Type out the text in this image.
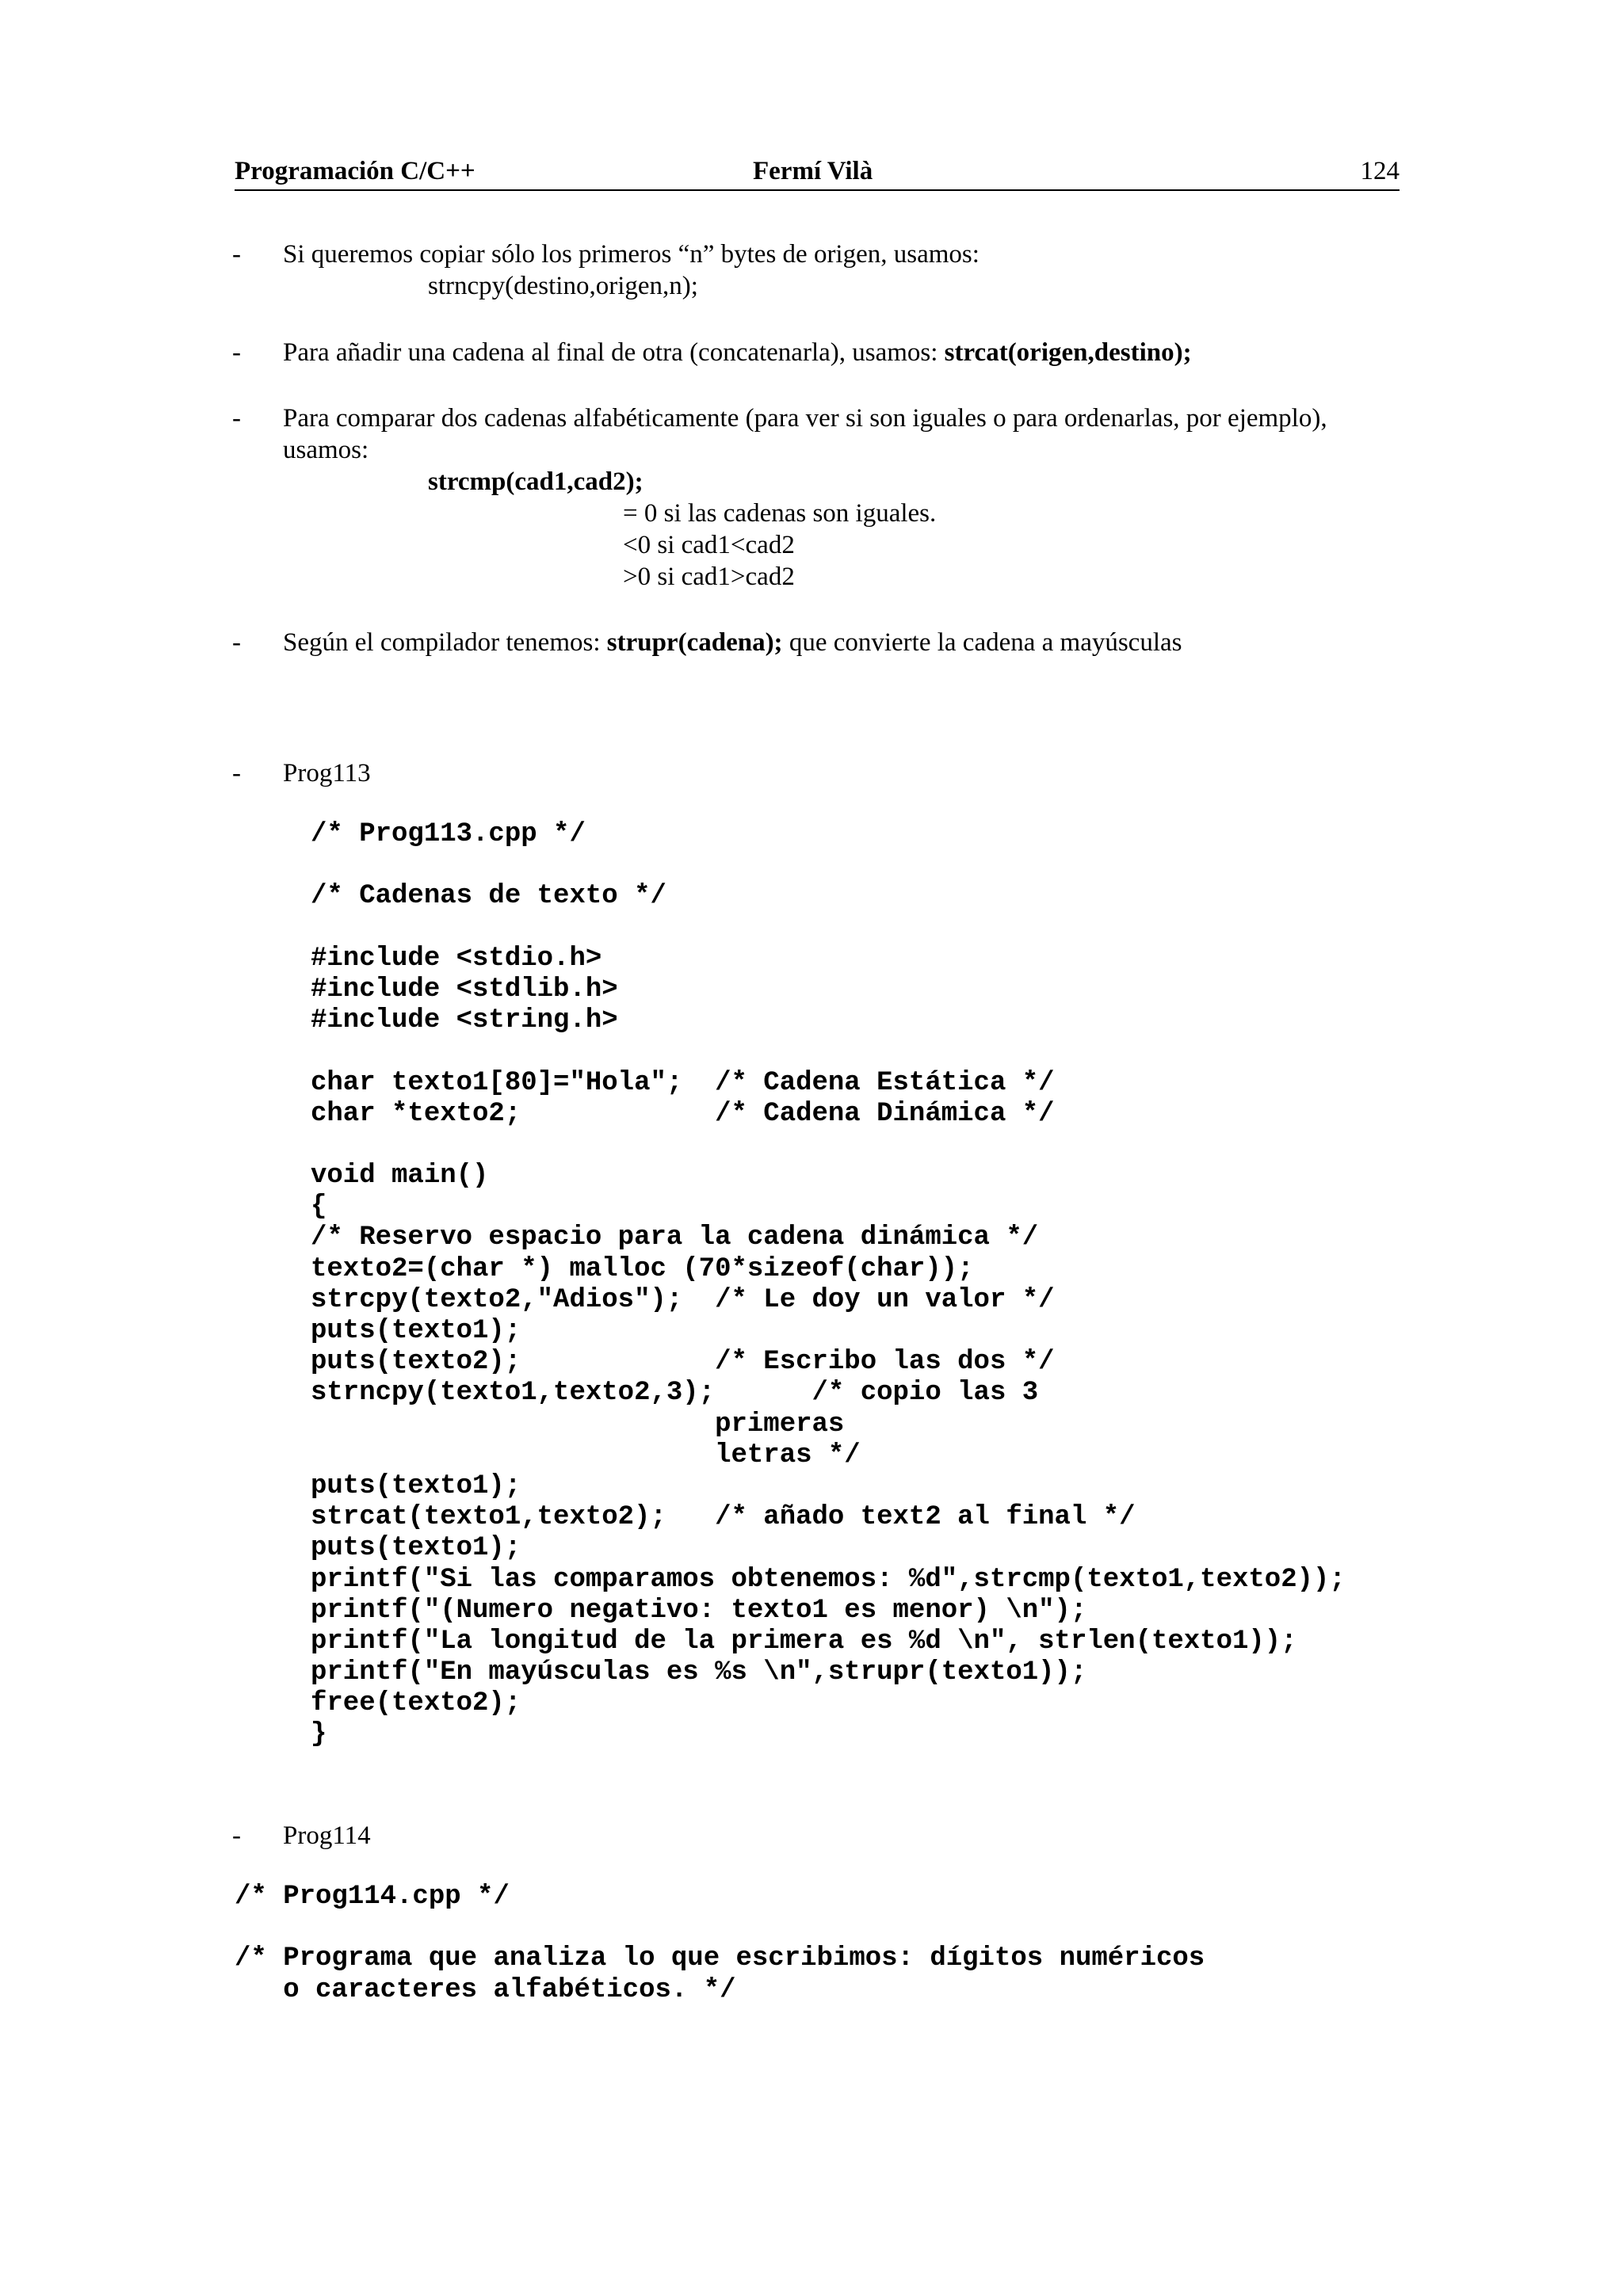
Programación C/C++	Fermí Vilà	124
- Si queremos copiar sólo los primeros “n” bytes de origen, usamos:
strncpy(destino,origen,n);
- Para añadir una cadena al final de otra (concatenarla), usamos: strcat(origen,destino);
- Para comparar dos cadenas alfabéticamente (para ver si son iguales o para ordenarlas, por ejemplo),
usamos:
strcmp(cad1,cad2);
= 0 si las cadenas son iguales.
<0 si cad1<cad2
>0 si cad1>cad2
- Según el compilador tenemos: strupr(cadena); que convierte la cadena a mayúsculas
- Prog113
/* Prog113.cpp */
/* Cadenas de texto */
#include <stdio.h>
#include <stdlib.h>
#include <string.h>
char texto1[80]="Hola";  /* Cadena Estática */
char *texto2;            /* Cadena Dinámica */
void main()
{
/* Reservo espacio para la cadena dinámica */
texto2=(char *) malloc (70*sizeof(char));
strcpy(texto2,"Adios");  /* Le doy un valor */
puts(texto1);
puts(texto2);            /* Escribo las dos */
strncpy(texto1,texto2,3);      /* copio las 3
primeras
letras */
puts(texto1);
strcat(texto1,texto2);   /* añado text2 al final */
puts(texto1);
printf("Si las comparamos obtenemos: %d",strcmp(texto1,texto2));
printf("(Numero negativo: texto1 es menor) \n");
printf("La longitud de la primera es %d \n", strlen(texto1));
printf("En mayúsculas es %s \n",strupr(texto1));
free(texto2);
}
- Prog114
/* Prog114.cpp */
/* Programa que analiza lo que escribimos: dígitos numéricos
o caracteres alfabéticos. */
